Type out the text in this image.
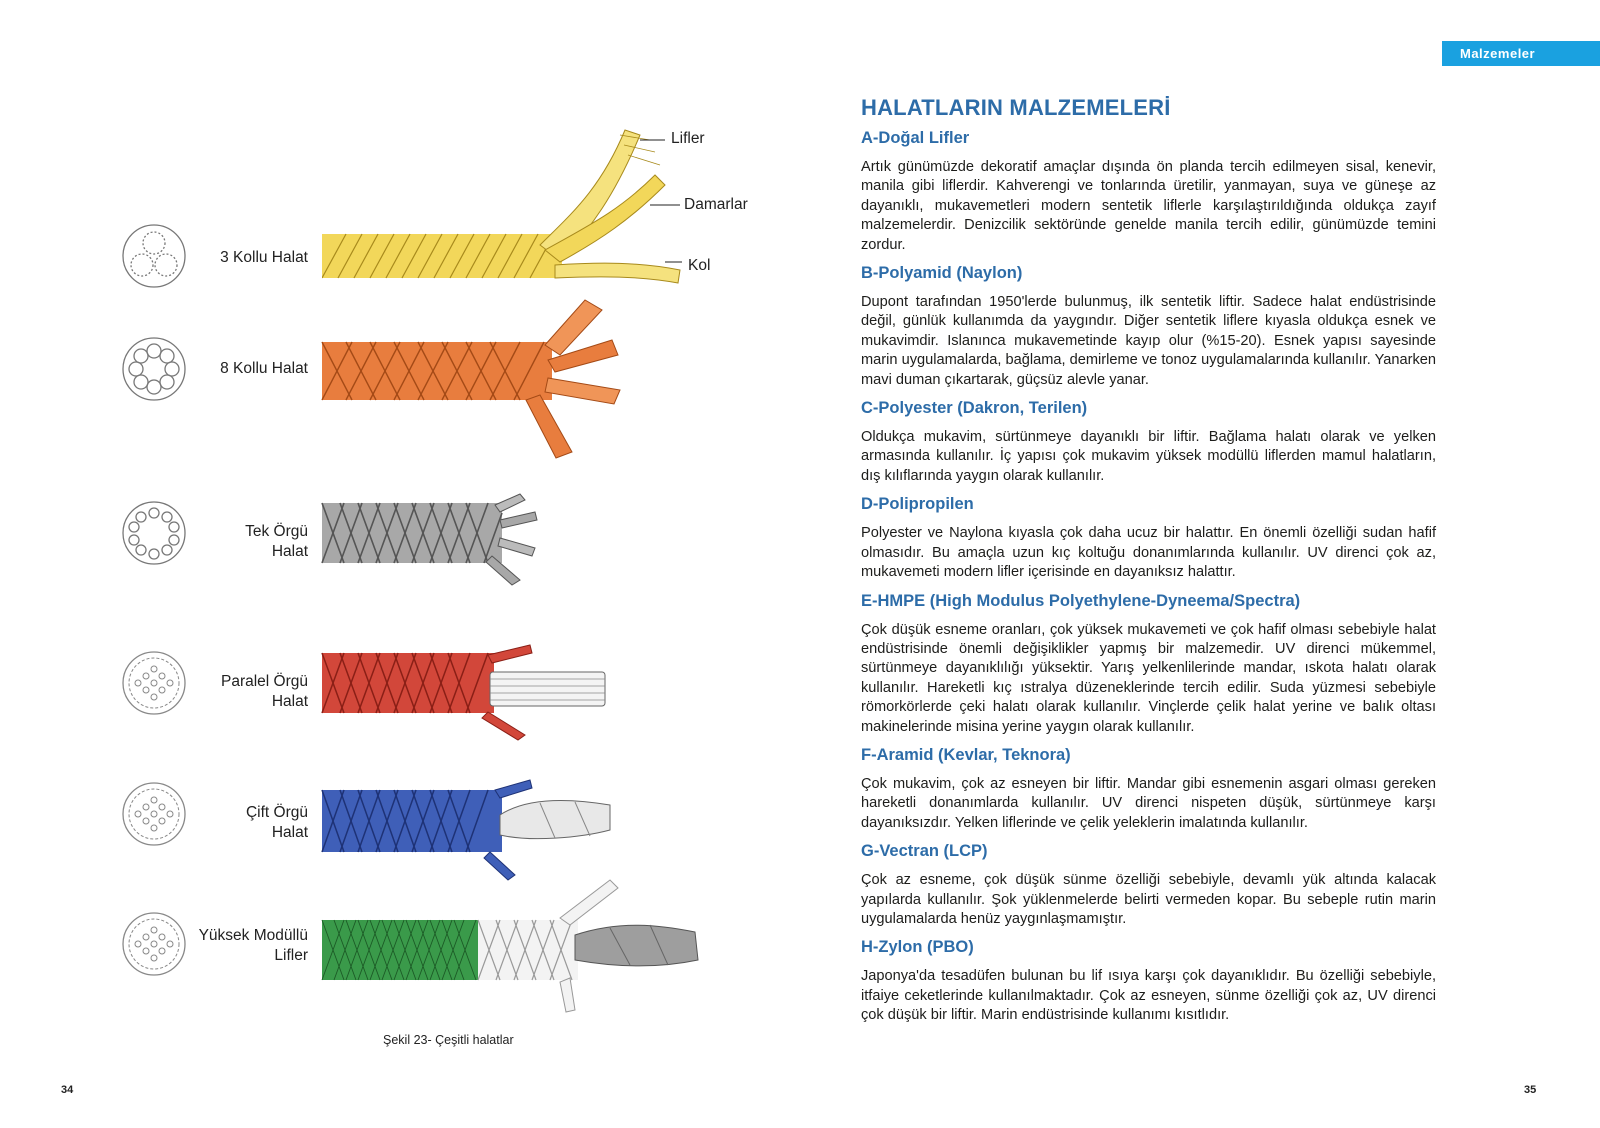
Malzemeler
3 Kollu Halat
8 Kollu Halat
Tek Örgü
Halat
Paralel Örgü
Halat
Çift Örgü
Halat
Yüksek Modüllü
Lifler
Lifler
Damarlar
Kol
Şekil 23- Çeşitli halatlar
HALATLARIN MALZEMELERİ
A-Doğal Lifler

Artık günümüzde dekoratif amaçlar dışında ön planda tercih edilmeyen sisal, kenevir, manila gibi liflerdir. Kahverengi ve tonlarında üretilir, yanmayan, suya ve güneşe az dayanıklı, mukavemetleri modern sentetik liflerle karşılaştırıldığında oldukça zayıf malzemelerdir. Denizcilik sektöründe genelde manila tercih edilir, günümüzde temini zordur.

B-Polyamid (Naylon)

Dupont tarafından 1950'lerde bulunmuş, ilk sentetik liftir. Sadece halat endüstrisinde değil, günlük kullanımda da yaygındır. Diğer sentetik liflere kıyasla oldukça esnek ve mukavimdir. Islanınca mukavemetinde kayıp olur (%15-20). Esnek yapısı sayesinde marin uygulamalarda, bağlama, demirleme ve tonoz uygulamalarında kullanılır. Yanarken mavi duman çıkartarak, güçsüz alevle yanar.

C-Polyester (Dakron, Terilen)

Oldukça mukavim, sürtünmeye dayanıklı bir liftir. Bağlama halatı olarak ve yelken armasında kullanılır. İç yapısı çok mukavim yüksek modüllü liflerden mamul halatların, dış kılıflarında yaygın olarak kullanılır.

D-Polipropilen

Polyester ve Naylona kıyasla çok daha ucuz bir halattır. En önemli özelliği sudan hafif olmasıdır. Bu amaçla uzun kıç koltuğu donanımlarında kullanılır. UV direnci çok az, mukavemeti modern lifler içerisinde en dayanıksız halattır.

E-HMPE (High Modulus Polyethylene-Dyneema/Spectra)

Çok düşük esneme oranları, çok yüksek mukavemeti ve çok hafif olması sebebiyle halat endüstrisinde önemli değişiklikler yapmış bir malzemedir. UV direnci mükemmel, sürtünmeye dayanıklılığı yüksektir. Yarış yelkenlilerinde mandar, ıskota halatı olarak kullanılır. Hareketli kıç ıstralya düzeneklerinde tercih edilir. Suda yüzmesi sebebiyle römorkörlerde çeki halatı olarak kullanılır. Vinçlerde çelik halat yerine ve balık oltası makinelerinde misina yerine yaygın olarak kullanılır.

F-Aramid (Kevlar, Teknora)

Çok mukavim, çok az esneyen bir liftir. Mandar gibi esnemenin asgari olması gereken hareketli donanımlarda kullanılır. UV direnci nispeten düşük, sürtünmeye karşı dayanıksızdır. Yelken liflerinde ve çelik yeleklerin imalatında kullanılır.

G-Vectran (LCP)

Çok az esneme, çok düşük sünme özelliği sebebiyle, devamlı yük altında kalacak yapılarda kullanılır. Şok yüklenmelerde belirti vermeden kopar. Bu sebeple rutin marin uygulamalarda henüz yaygınlaşmamıştır.

H-Zylon (PBO)

Japonya'da tesadüfen bulunan bu lif ısıya karşı çok dayanıklıdır. Bu özelliği sebebiyle, itfaiye ceketlerinde kullanılmaktadır. Çok az esneyen, sünme özelliği çok az, UV direnci çok düşük bir liftir. Marin endüstrisinde kullanımı kısıtlıdır.

34	35
